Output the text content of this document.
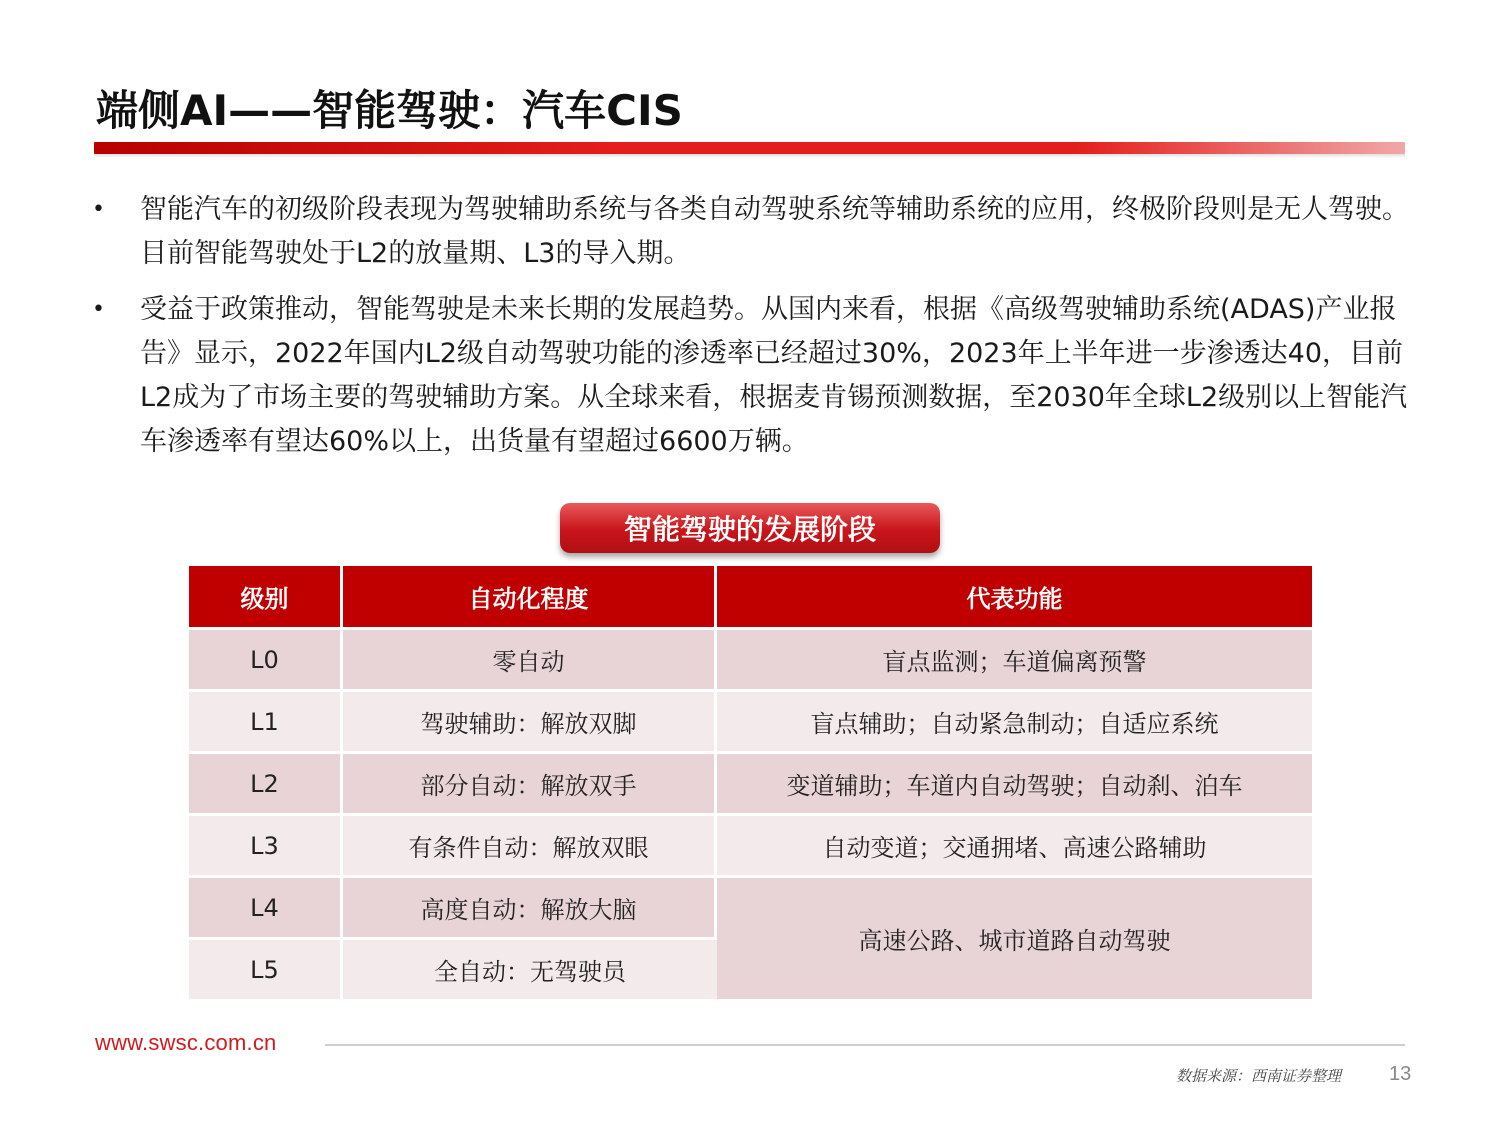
端侧AI——智能驾驶：汽车CIS
• 智能汽车的初级阶段表现为驾驶辅助系统与各类自动驾驶系统等辅助系统的应用，终极阶段则是无人驾驶。目前智能驾驶处于L2的放量期、L3的导入期。
• 受益于政策推动，智能驾驶是未来长期的发展趋势。从国内来看，根据《高级驾驶辅助系统(ADAS)产业报告》显示，2022年国内L2级自动驾驶功能的渗透率已经超过30%，2023年上半年进一步渗透达40，目前L2成为了市场主要的驾驶辅助方案。从全球来看，根据麦肯锡预测数据，至2030年全球L2级别以上智能汽车渗透率有望达60%以上，出货量有望超过6600万辆。
智能驾驶的发展阶段
级别	自动化程度	代表功能
L0	零自动	盲点监测；车道偏离预警
L1	驾驶辅助：解放双脚	盲点辅助；自动紧急制动；自适应系统
L2	部分自动：解放双手	变道辅助；车道内自动驾驶；自动刹、泊车
L3	有条件自动：解放双眼	自动变道；交通拥堵、高速公路辅助
L4	高度自动：解放大脑	高速公路、城市道路自动驾驶
L5	全自动：无驾驶员	
www.swsc.com.cn
数据来源：西南证券整理 13
